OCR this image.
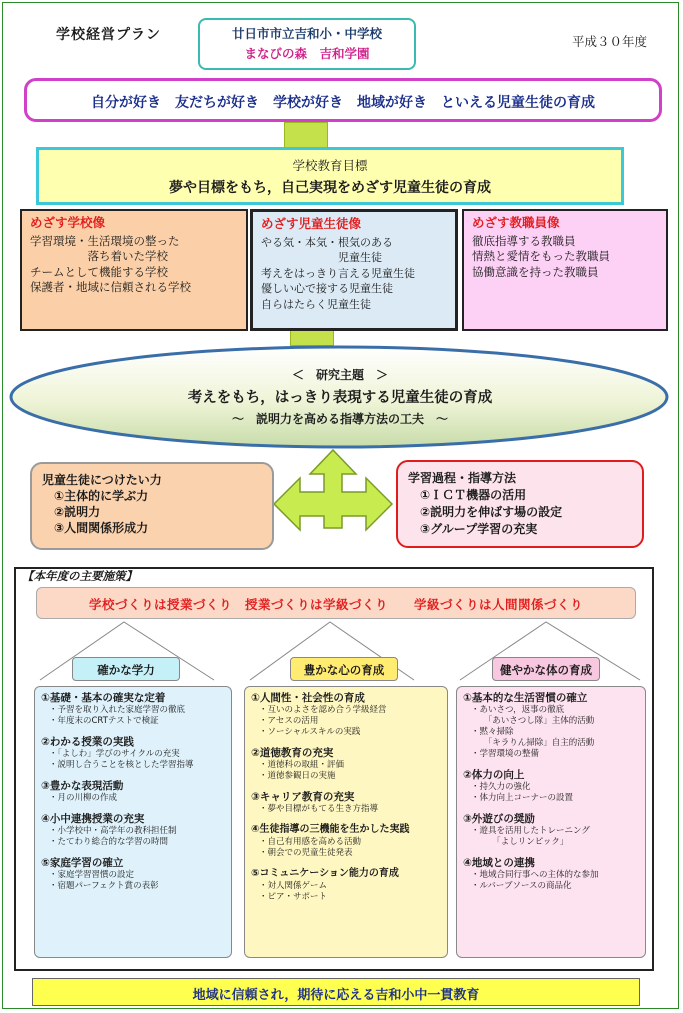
学校経営プラン	廿日市市立吉和小・中学校
まなびの森　吉和学園
平成３０年度
自分が好き　友だちが好き　学校が好き　地域が好き　といえる児童生徒の育成
学校教育目標
夢や目標をもち，自己実現をめざす児童生徒の育成
めざす学校像
学習環境・生活環境の整った
　　　　　落ち着いた学校
チームとして機能する学校
保護者・地域に信頼される学校
めざす児童生徒像
やる気・本気・根気のある
　　　　　　　児童生徒
考えをはっきり言える児童生徒
優しい心で接する児童生徒
自らはたらく児童生徒
めざす教職員像
徹底指導する教職員
情熱と愛情をもった教職員
協働意識を持った教職員
＜　研究主題　＞
考えをもち，はっきり表現する児童生徒の育成
～　説明力を高める指導方法の工夫　～
児童生徒につけたい力
①主体的に学ぶ力
②説明力
③人間関係形成力
学習過程・指導方法
①ＩＣＴ機器の活用
②説明力を伸ばす場の設定
③グループ学習の充実
【本年度の主要施策】
学校づくりは授業づくり　授業づくりは学級づくり　　学級づくりは人間関係づくり
確かな学力	豊かな心の育成	健やかな体の育成
①基礎・基本の確実な定着
・予習を取り入れた家庭学習の徹底
・年度末のCRTテストで検証
②わかる授業の実践
・「よしわ」学びのサイクルの充実
・説明し合うことを核とした学習指導
③豊かな表現活動
・月の川柳の作成
④小中連携授業の充実
・小学校中・高学年の教科担任制
・たてわり総合的な学習の時間
⑤家庭学習の確立
・家庭学習習慣の設定
・宿題パーフェクト賞の表彰
①人間性・社会性の育成
・互いのよさを認め合う学級経営
・アセスの活用
・ソーシャルスキルの実践
②道徳教育の充実
・道徳科の取組・評価
・道徳参観日の実施
③キャリア教育の充実
・夢や目標がもてる生き方指導
④生徒指導の三機能を生かした実践
・自己有用感を高める活動
・朝会での児童生徒発表
⑤コミュニケーション能力の育成
・対人関係ゲーム
・ピア・サポート
①基本的な生活習慣の確立
・あいさつ，返事の徹底
　　「あいさつし隊」主体的活動
・黙々掃除
　　「キラりん掃除」自主的活動
・学習環境の整備
②体力の向上
・持久力の強化
・体力向上コーナーの設置
③外遊びの奨励
・遊具を活用したトレーニング
　　　「よしリンピック」
④地域との連携
・地域合同行事への主体的な参加
・ルバーブソースの商品化
地域に信頼され，期待に応える吉和小中一貫教育
